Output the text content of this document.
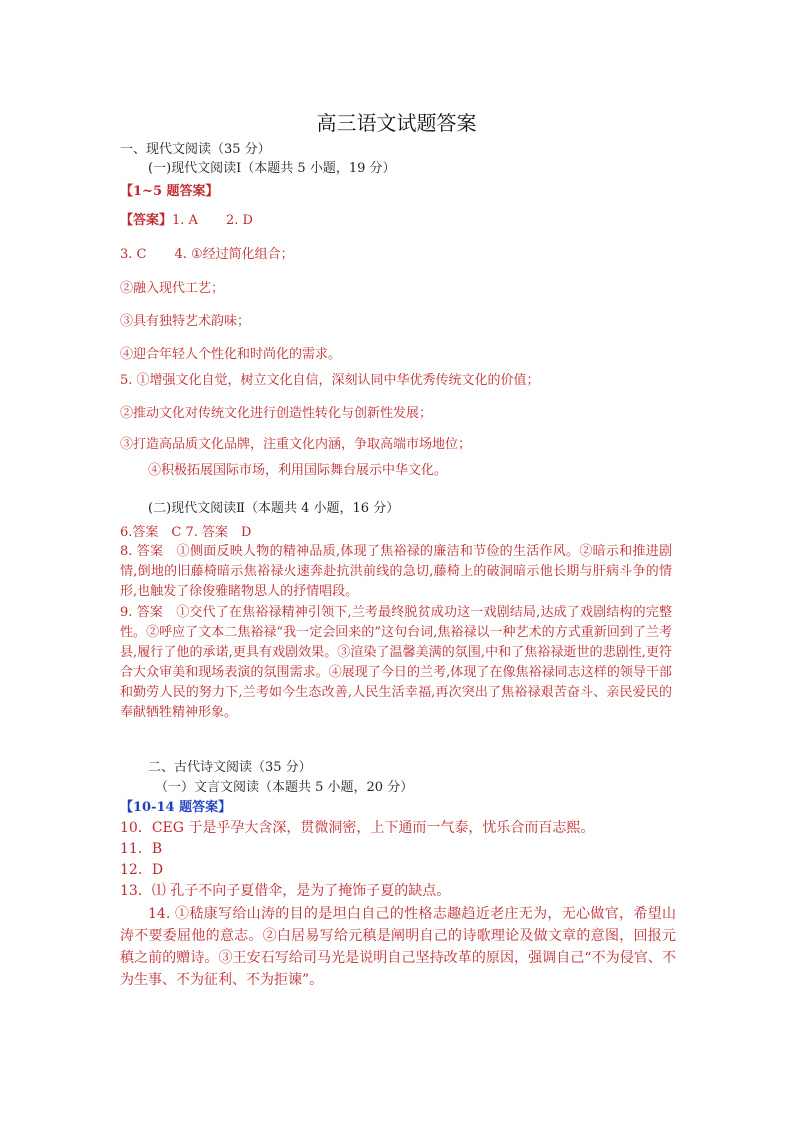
高三语文试题答案
一、现代文阅读（35 分）
(一)现代文阅读Ⅰ（本题共 5 小题，19 分）
【1~5 题答案】
【答案】1. A 2. D
3. C 4. ①经过简化组合；
②融入现代工艺；
③具有独特艺术韵味；
④迎合年轻人个性化和时尚化的需求。
5. ①增强文化自觉，树立文化自信，深刻认同中华优秀传统文化的价值；
②推动文化对传统文化进行创造性转化与创新性发展；
③打造高品质文化品牌，注重文化内涵，争取高端市场地位；
④积极拓展国际市场，利用国际舞台展示中华文化。
(二)现代文阅读Ⅱ（本题共 4 小题，16 分）
6.答案　C 7. 答案　D
8. 答案　①侧面反映人物的精神品质,体现了焦裕禄的廉洁和节俭的生活作风。②暗示和推进剧情,倒地的旧藤椅暗示焦裕禄火速奔赴抗洪前线的急切,藤椅上的破洞暗示他长期与肝病斗争的情形,也触发了徐俊雅睹物思人的抒情唱段。
9. 答案　①交代了在焦裕禄精神引领下,兰考最终脱贫成功这一戏剧结局,达成了戏剧结构的完整性。②呼应了文本二焦裕禄“我一定会回来的”这句台词,焦裕禄以一种艺术的方式重新回到了兰考县,履行了他的承诺,更具有戏剧效果。③渲染了温馨美满的氛围,中和了焦裕禄逝世的悲剧性,更符合大众审美和现场表演的氛围需求。④展现了今日的兰考,体现了在像焦裕禄同志这样的领导干部和勤劳人民的努力下,兰考如今生态改善,人民生活幸福,再次突出了焦裕禄艰苦奋斗、亲民爱民的奉献牺牲精神形象。
二、古代诗文阅读（35 分）
（一）文言文阅读（本题共 5 小题，20 分）
【10-14 题答案】
10．CEG 于是乎孕大含深，贯微洞密，上下通而一气泰，忧乐合而百志熙。
11．B
12．D
13．⑴ 孔子不向子夏借伞，是为了掩饰子夏的缺点。
14. ①嵇康写给山涛的目的是坦白自己的性格志趣趋近老庄无为，无心做官，希望山涛不要委屈他的意志。②白居易写给元稹是阐明自己的诗歌理论及做文章的意图，回报元稹之前的赠诗。③王安石写给司马光是说明自己坚持改革的原因，强调自己“不为侵官、不为生事、不为征利、不为拒谏”。
